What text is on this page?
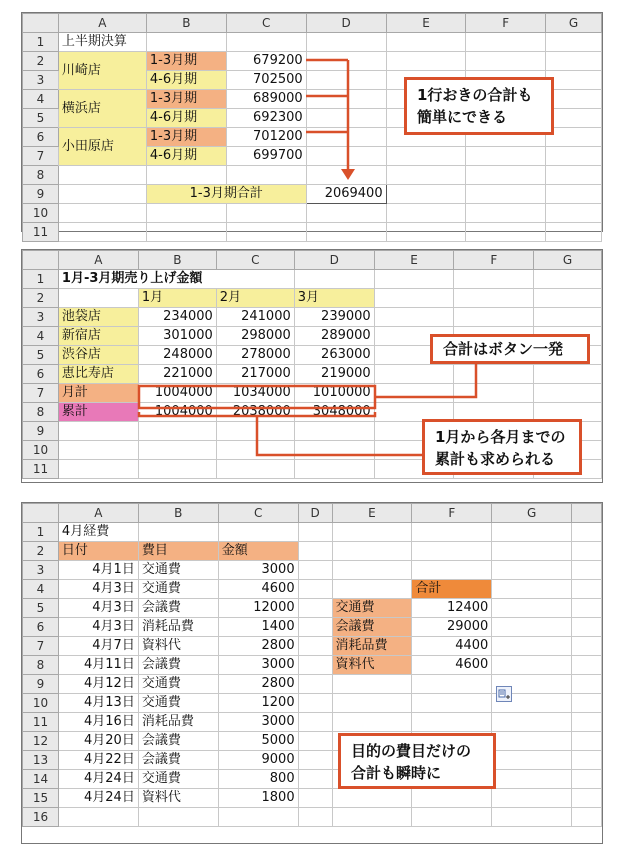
	A	B	C	D	E	F	G
1	上半期決算						
2	川崎店	1-3月期	679200				
3		4-6月期	702500				
4	横浜店	1-3月期	689000				
5		4-6月期	692300				
6	小田原店	1-3月期	701200				
7		4-6月期	699700				
8							
9		1-3月期合計		2069400			
10							
11							
1行おきの合計も
簡単にできる
	A	B	C	D	E	F	G
1	1月-3月期売り上げ金額						
2		1月	2月	3月			
3	池袋店	234000	241000	239000			
4	新宿店	301000	298000	289000			
5	渋谷店	248000	278000	263000			
6	恵比寿店	221000	217000	219000			
7	月計	1004000	1034000	1010000			
8	累計	1004000	2038000	3048000			
9							
10							
11							
合計はボタン一発
1月から各月までの
累計も求められる
	A	B	C	D	E	F	G	
1	4月経費							
2	日付	費目	金額					
3	4月1日	交通費	3000					
4	4月3日	交通費	4600			合計		
5	4月3日	会議費	12000		交通費	12400		
6	4月3日	消耗品費	1400		会議費	29000		
7	4月7日	資料代	2800		消耗品費	4400		
8	4月11日	会議費	3000		資料代	4600		
9	4月12日	交通費	2800					
10	4月13日	交通費	1200					
11	4月16日	消耗品費	3000					
12	4月20日	会議費	5000					
13	4月22日	会議費	9000					
14	4月24日	交通費	800					
15	4月24日	資料代	1800					
16								
目的の費目だけの
合計も瞬時に
